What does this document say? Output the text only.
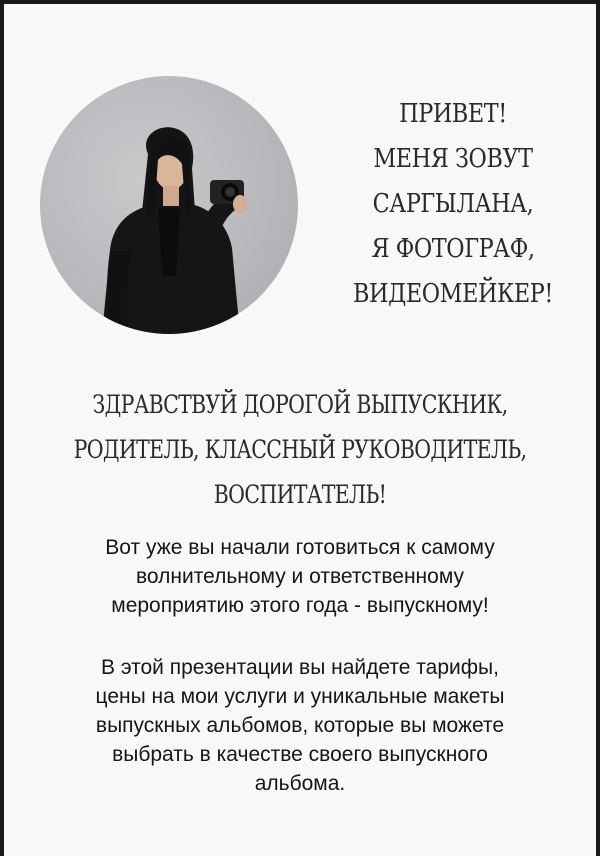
ПРИВЕТ!
МЕНЯ ЗОВУТ
САРГЫЛАНА,
Я ФОТОГРАФ,
ВИДЕОМЕЙКЕР!
ЗДРАВСТВУЙ ДОРОГОЙ ВЫПУСКНИК,
РОДИТЕЛЬ, КЛАССНЫЙ РУКОВОДИТЕЛЬ,
ВОСПИТАТЕЛЬ!
Вот уже вы начали готовиться к самому
волнительному и ответственному
мероприятию этого года - выпускному!
В этой презентации вы найдете тарифы,
цены на мои услуги и уникальные макеты
выпускных альбомов, которые вы можете
выбрать в качестве своего выпускного
альбома.
